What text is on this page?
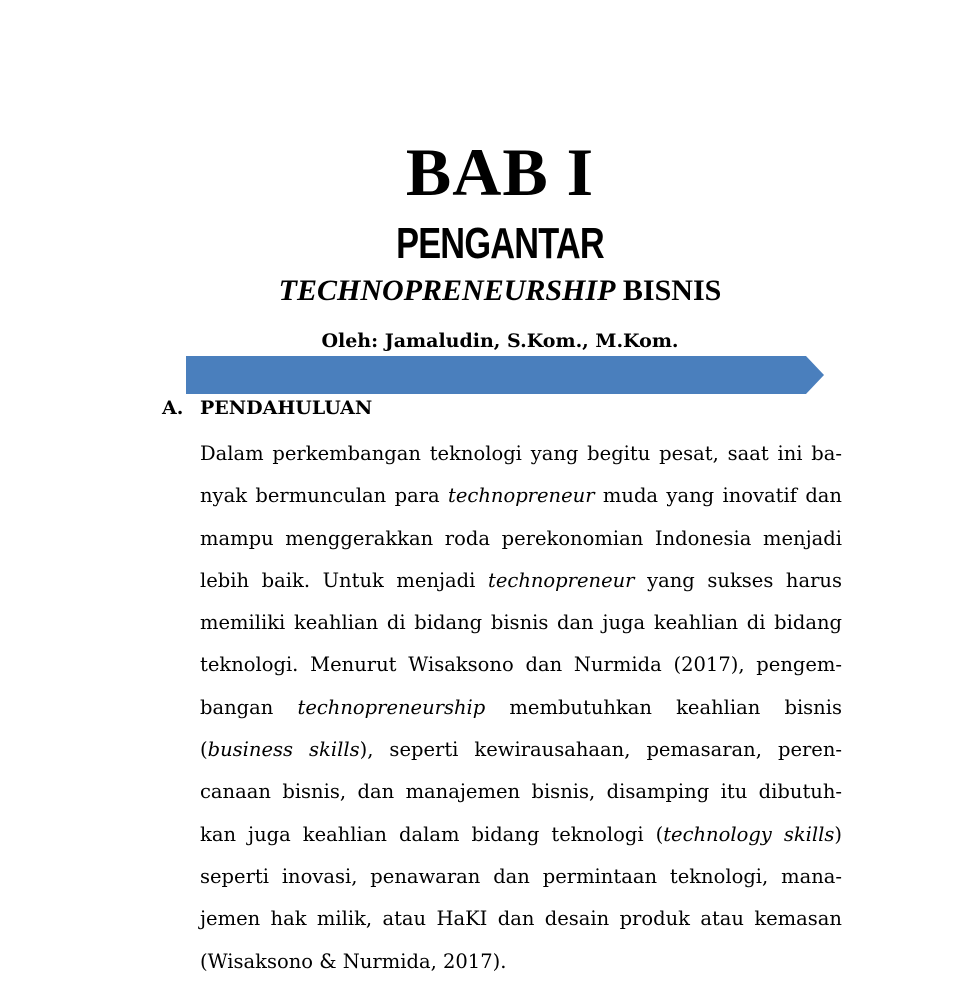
BAB I
PENGANTAR
TECHNOPRENEURSHIP BISNIS
Oleh: Jamaludin, S.Kom., M.Kom.
A. PENDAHULUAN
Dalam perkembangan teknologi yang begitu pesat, saat ini ba-
nyak bermunculan para technopreneur muda yang inovatif dan
mampu menggerakkan roda perekonomian Indonesia menjadi
lebih baik. Untuk menjadi technopreneur yang sukses harus
memiliki keahlian di bidang bisnis dan juga keahlian di bidang
teknologi. Menurut Wisaksono dan Nurmida (2017), pengem-
bangan technopreneurship membutuhkan keahlian bisnis
(business skills), seperti kewirausahaan, pemasaran, peren-
canaan bisnis, dan manajemen bisnis, disamping itu dibutuh-
kan juga keahlian dalam bidang teknologi (technology skills)
seperti inovasi, penawaran dan permintaan teknologi, mana-
jemen hak milik, atau HaKI dan desain produk atau kemasan
(Wisaksono & Nurmida, 2017).
